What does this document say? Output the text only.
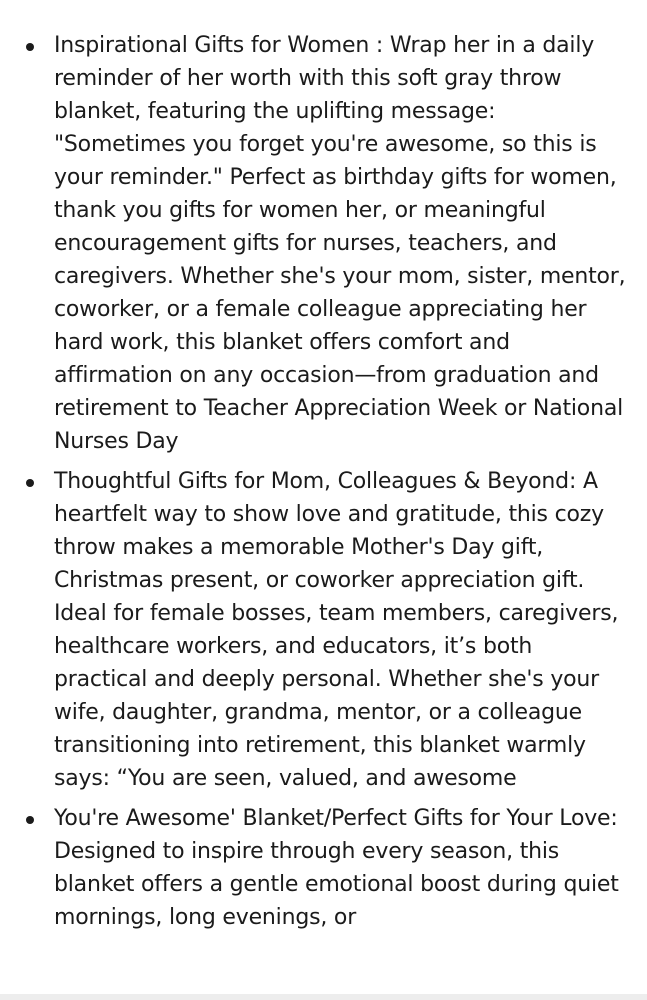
Inspirational Gifts for Women : Wrap her in a daily reminder of her worth with this soft gray throw blanket, featuring the uplifting message: "Sometimes you forget you're awesome, so this is your reminder." Perfect as birthday gifts for women, thank you gifts for women her, or meaningful encouragement gifts for nurses, teachers, and caregivers. Whether she's your mom, sister, mentor, coworker, or a female colleague appreciating her hard work, this blanket offers comfort and affirmation on any occasion—from graduation and retirement to Teacher Appreciation Week or National Nurses Day
Thoughtful Gifts for Mom, Colleagues & Beyond: A heartfelt way to show love and gratitude, this cozy throw makes a memorable Mother's Day gift, Christmas present, or coworker appreciation gift. Ideal for female bosses, team members, caregivers, healthcare workers, and educators, it’s both practical and deeply personal. Whether she's your wife, daughter, grandma, mentor, or a colleague transitioning into retirement, this blanket warmly says: “You are seen, valued, and awesome
You're Awesome' Blanket/Perfect Gifts for Your Love: Designed to inspire through every season, this blanket offers a gentle emotional boost during quiet mornings, long evenings, or
